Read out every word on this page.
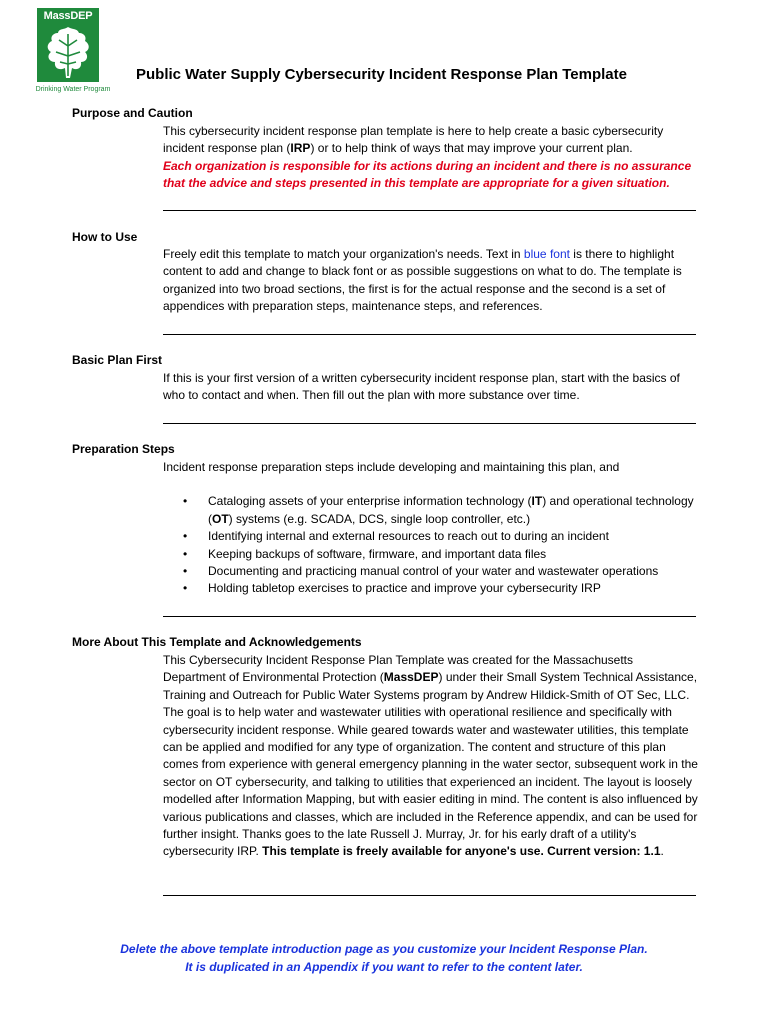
MassDEP
Drinking Water Program
Public Water Supply Cybersecurity Incident Response Plan Template
Purpose and Caution
This cybersecurity incident response plan template is here to help create a basic cybersecurity incident response plan (IRP) or to help think of ways that may improve your current plan.
Each organization is responsible for its actions during an incident and there is no assurance that the advice and steps presented in this template are appropriate for a given situation.
How to Use
Freely edit this template to match your organization's needs. Text in blue font is there to highlight content to add and change to black font or as possible suggestions on what to do. The template is organized into two broad sections, the first is for the actual response and the second is a set of appendices with preparation steps, maintenance steps, and references.
Basic Plan First
If this is your first version of a written cybersecurity incident response plan, start with the basics of who to contact and when. Then fill out the plan with more substance over time.
Preparation Steps
Incident response preparation steps include developing and maintaining this plan, and
• Cataloging assets of your enterprise information technology (IT) and operational technology (OT) systems (e.g. SCADA, DCS, single loop controller, etc.)
• Identifying internal and external resources to reach out to during an incident
• Keeping backups of software, firmware, and important data files
• Documenting and practicing manual control of your water and wastewater operations
• Holding tabletop exercises to practice and improve your cybersecurity IRP
More About This Template and Acknowledgements
This Cybersecurity Incident Response Plan Template was created for the Massachusetts Department of Environmental Protection (MassDEP) under their Small System Technical Assistance, Training and Outreach for Public Water Systems program by Andrew Hildick-Smith of OT Sec, LLC. The goal is to help water and wastewater utilities with operational resilience and specifically with cybersecurity incident response. While geared towards water and wastewater utilities, this template can be applied and modified for any type of organization. The content and structure of this plan comes from experience with general emergency planning in the water sector, subsequent work in the sector on OT cybersecurity, and talking to utilities that experienced an incident. The layout is loosely modelled after Information Mapping, but with easier editing in mind. The content is also influenced by various publications and classes, which are included in the Reference appendix, and can be used for further insight. Thanks goes to the late Russell J. Murray, Jr. for his early draft of a utility's cybersecurity IRP. This template is freely available for anyone's use. Current version: 1.1.
Delete the above template introduction page as you customize your Incident Response Plan.
It is duplicated in an Appendix if you want to refer to the content later.
